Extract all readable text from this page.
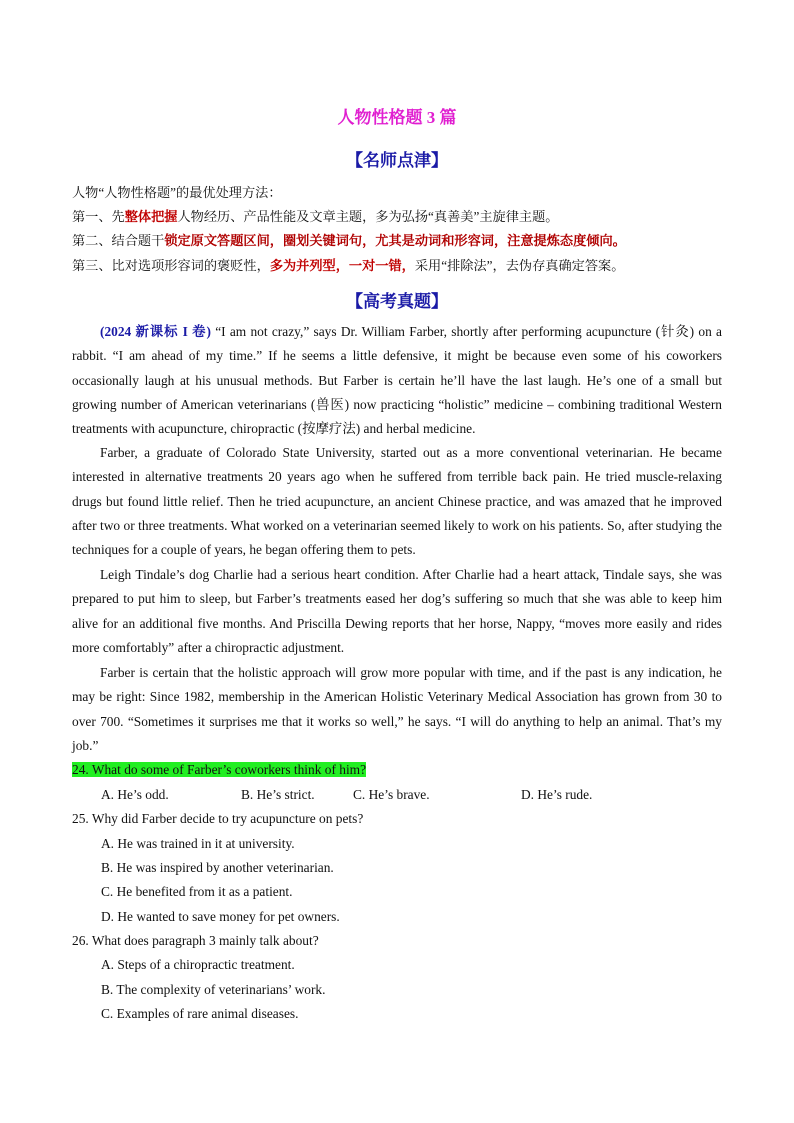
人物性格题 3 篇
【名师点津】
人物“人物性格题”的最优处理方法：
第一、先整体把握人物经历、产品性能及文章主题，多为弘扬“真善美”主旋律主题。
第二、结合题干锁定原文答题区间，圈划关键词句，尤其是动词和形容词，注意提炼态度倾向。
第三、比对选项形容词的褒贬性，多为并列型，一对一错，采用“排除法”，去伪存真确定答案。
【高考真题】
(2024 新课标 I 卷) “I am not crazy,” says Dr. William Farber, shortly after performing acupuncture (针灸) on a rabbit. “I am ahead of my time.” If he seems a little defensive, it might be because even some of his coworkers occasionally laugh at his unusual methods. But Farber is certain he’ll have the last laugh. He’s one of a small but growing number of American veterinarians (兽医) now practicing “holistic” medicine – combining traditional Western treatments with acupuncture, chiropractic (按摩疗法) and herbal medicine.
Farber, a graduate of Colorado State University, started out as a more conventional veterinarian. He became interested in alternative treatments 20 years ago when he suffered from terrible back pain. He tried muscle-relaxing drugs but found little relief. Then he tried acupuncture, an ancient Chinese practice, and was amazed that he improved after two or three treatments. What worked on a veterinarian seemed likely to work on his patients. So, after studying the techniques for a couple of years, he began offering them to pets.
Leigh Tindale’s dog Charlie had a serious heart condition. After Charlie had a heart attack, Tindale says, she was prepared to put him to sleep, but Farber’s treatments eased her dog’s suffering so much that she was able to keep him alive for an additional five months. And Priscilla Dewing reports that her horse, Nappy, “moves more easily and rides more comfortably” after a chiropractic adjustment.
Farber is certain that the holistic approach will grow more popular with time, and if the past is any indication, he may be right: Since 1982, membership in the American Holistic Veterinary Medical Association has grown from 30 to over 700. “Sometimes it surprises me that it works so well,” he says. “I will do anything to help an animal. That’s my job.”
24. What do some of Farber’s coworkers think of him?
A. He’s odd.	B. He’s strict.	C. He’s brave.	D. He’s rude.
25. Why did Farber decide to try acupuncture on pets?
A. He was trained in it at university.
B. He was inspired by another veterinarian.
C. He benefited from it as a patient.
D. He wanted to save money for pet owners.
26. What does paragraph 3 mainly talk about?
A. Steps of a chiropractic treatment.
B. The complexity of veterinarians’ work.
C. Examples of rare animal diseases.
